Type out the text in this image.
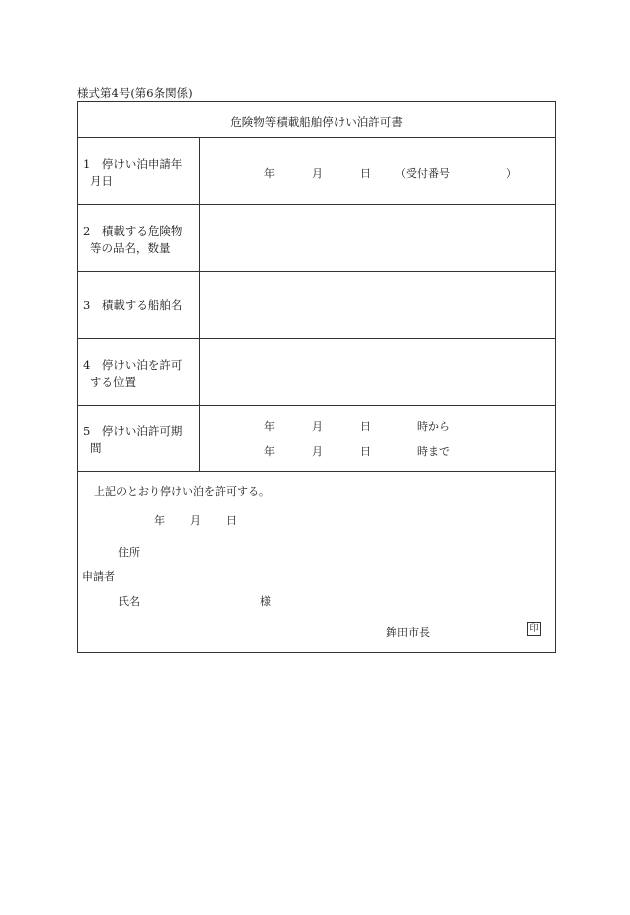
様式第4号(第6条関係)
危険物等積載船舶停けい泊許可書
1　停けい泊申請年
月日
年	月	日 （受付番号	）
2　積載する危険物
等の品名，数量
3　積載する船舶名
4　停けい泊を許可
する位置
5　停けい泊許可期
間
年	月	日	時から
年	月	日	時まで
上記のとおり停けい泊を許可する。
年 月 日
住所
申請者
氏名	様
鉾田市長	印
